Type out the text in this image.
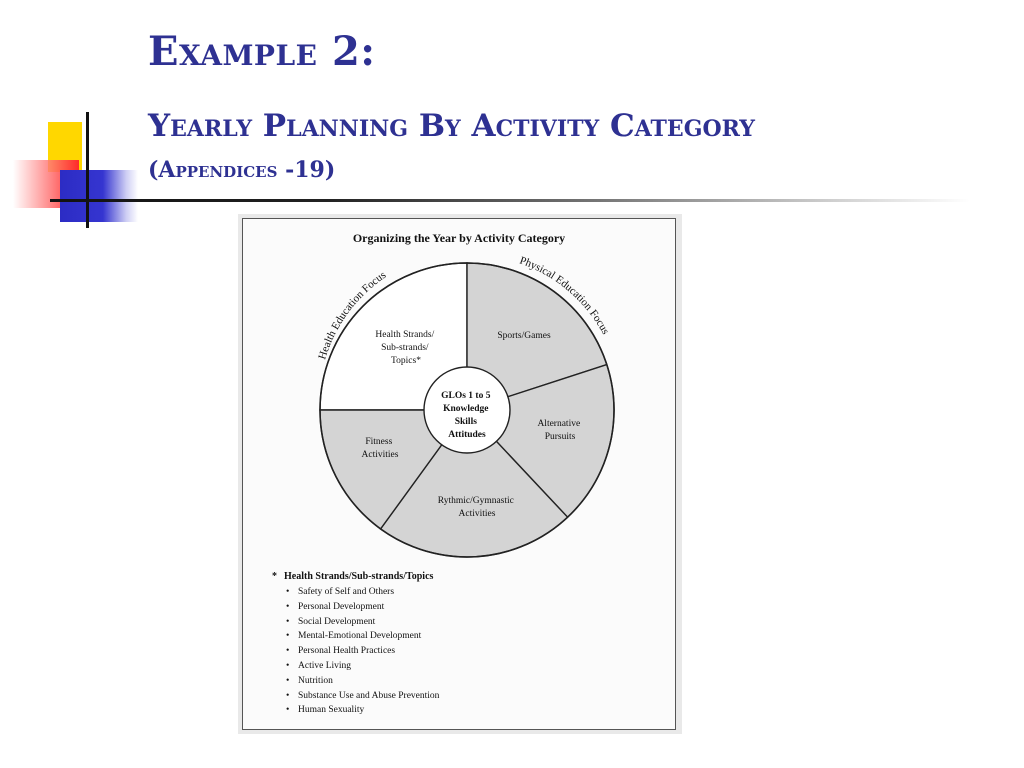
Example 2:
Yearly Planning By Activity Category
(Appendices -19)
Organizing the Year by Activity Category
Health Education Focus
Physical Education Focus
GLOs 1 to 5 Knowledge Skills Attitudes
Health Strands/ Sub-strands/ Topics*
Sports/Games
Alternative Pursuits
Rythmic/Gymnastic Activities
Fitness Activities

* Health Strands/Sub-strands/Topics

• Safety of Self and Others
• Personal Development
• Social Development
• Mental-Emotional Development
• Personal Health Practices
• Active Living
• Nutrition
• Substance Use and Abuse Prevention
• Human Sexuality
